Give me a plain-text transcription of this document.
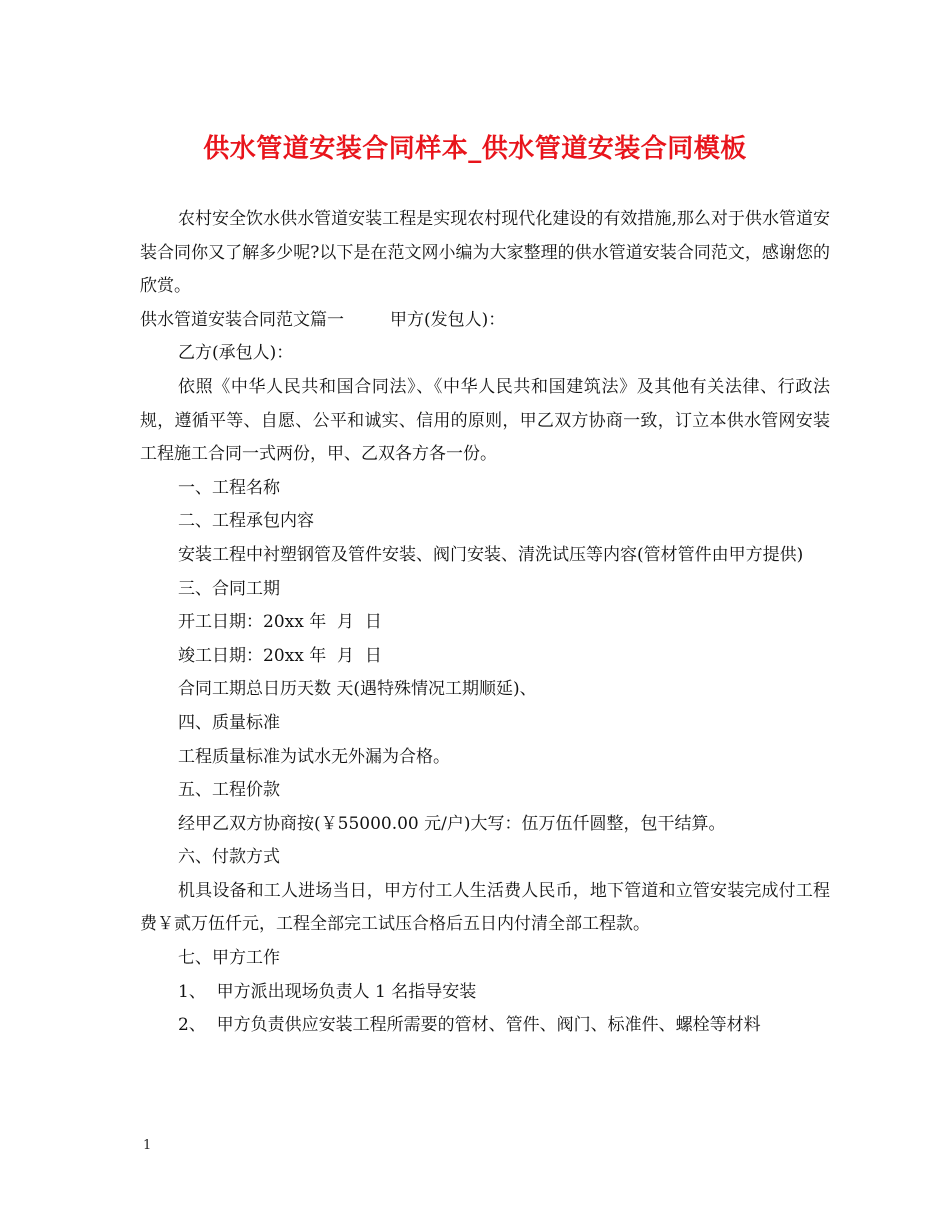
供水管道安装合同样本_供水管道安装合同模板

农村安全饮水供水管道安装工程是实现农村现代化建设的有效措施,那么对于供水管道安装合同你又了解多少呢?以下是在范文网小编为大家整理的供水管道安装合同范文，感谢您的欣赏。

供水管道安装合同范文篇一	甲方(发包人)：

乙方(承包人)：

依照《中华人民共和国合同法》、《中华人民共和国建筑法》及其他有关法律、行政法规，遵循平等、自愿、公平和诚实、信用的原则，甲乙双方协商一致，订立本供水管网安装工程施工合同一式两份，甲、乙双各方各一份。

一、工程名称

二、工程承包内容

安装工程中衬塑钢管及管件安装、阀门安装、清洗试压等内容(管材管件由甲方提供)

三、合同工期

开工日期：20xx 年  月  日

竣工日期：20xx 年  月  日

合同工期总日历天数 天(遇特殊情况工期顺延)、

四、质量标准

工程质量标准为试水无外漏为合格。

五、工程价款

经甲乙双方协商按(￥55000.00 元/户)大写：伍万伍仟圆整，包干结算。

六、付款方式

机具设备和工人进场当日，甲方付工人生活费人民币，地下管道和立管安装完成付工程费￥贰万伍仟元，工程全部完工试压合格后五日内付清全部工程款。

七、甲方工作

1、  甲方派出现场负责人 1 名指导安装

2、  甲方负责供应安装工程所需要的管材、管件、阀门、标准件、螺栓等材料

1
